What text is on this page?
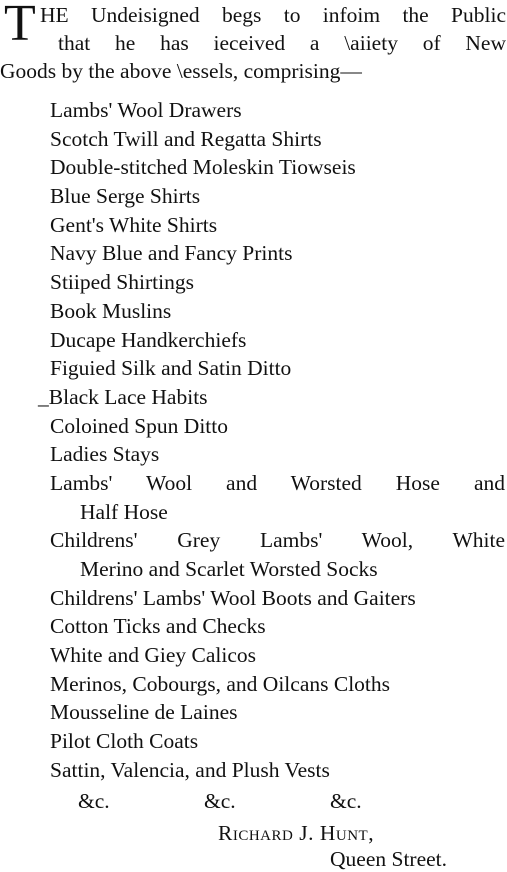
T HE Undeisigned begs to infoim the Public
that he has ieceived a \aiiety of New
Goods by the above \essels, comprising—
Lambs' Wool Drawers
Scotch Twill and Regatta Shirts
Double-stitched Moleskin Tiowseis
Blue Serge Shirts
Gent's White Shirts
Navy Blue and Fancy Prints
Stiiped Shirtings
Book Muslins
Ducape Handkerchiefs
Figuied Silk and Satin Ditto
_Black Lace Habits
Coloined Spun Ditto
Ladies Stays
Lambs' Wool and Worsted Hose and
Half Hose
Childrens' Grey Lambs' Wool, White
Merino and Scarlet Worsted Socks
Childrens' Lambs' Wool Boots and Gaiters
Cotton Ticks and Checks
White and Giey Calicos
Merinos, Cobourgs, and Oilcans Cloths
Mousseline de Laines
Pilot Cloth Coats
Sattin, Valencia, and Plush Vests
&c.	&c.	&c.
Richard J. Hunt,
Queen Street.
